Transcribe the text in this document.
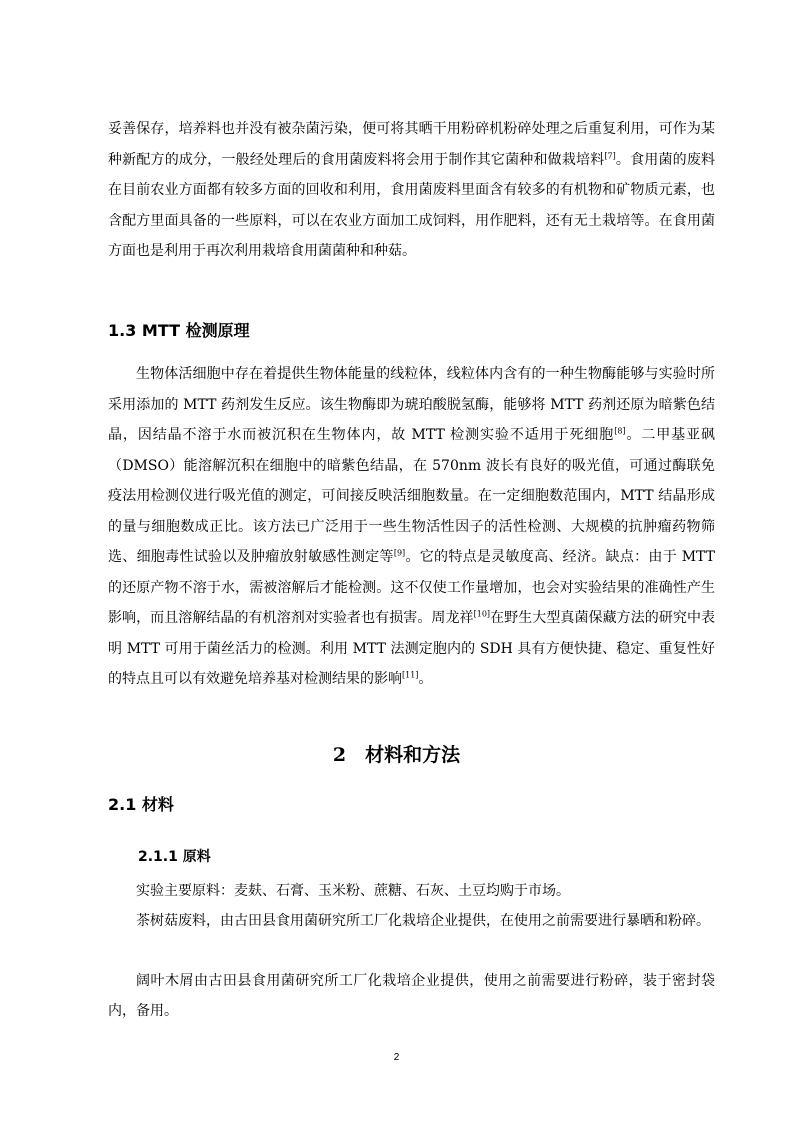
妥善保存，培养料也并没有被杂菌污染，便可将其晒干用粉碎机粉碎处理之后重复利用，可作为某种新配方的成分，一般经处理后的食用菌废料将会用于制作其它菌种和做栽培料[7]。食用菌的废料在目前农业方面都有较多方面的回收和利用，食用菌废料里面含有较多的有机物和矿物质元素，也含配方里面具备的一些原料，可以在农业方面加工成饲料，用作肥料，还有无土栽培等。在食用菌方面也是利用于再次利用栽培食用菌菌种和种菇。

1.3 MTT 检测原理

生物体活细胞中存在着提供生物体能量的线粒体，线粒体内含有的一种生物酶能够与实验时所采用添加的 MTT 药剂发生反应。该生物酶即为琥珀酸脱氢酶，能够将 MTT 药剂还原为暗紫色结晶，因结晶不溶于水而被沉积在生物体内，故 MTT 检测实验不适用于死细胞[8]。二甲基亚砜（DMSO）能溶解沉积在细胞中的暗紫色结晶，在 570nm 波长有良好的吸光值，可通过酶联免疫法用检测仪进行吸光值的测定，可间接反映活细胞数量。在一定细胞数范围内，MTT 结晶形成的量与细胞数成正比。该方法已广泛用于一些生物活性因子的活性检测、大规模的抗肿瘤药物筛选、细胞毒性试验以及肿瘤放射敏感性测定等[9]。它的特点是灵敏度高、经济。缺点：由于 MTT 的还原产物不溶于水，需被溶解后才能检测。这不仅使工作量增加，也会对实验结果的准确性产生影响，而且溶解结晶的有机溶剂对实验者也有损害。周龙祥[10]在野生大型真菌保藏方法的研究中表明 MTT 可用于菌丝活力的检测。利用 MTT 法测定胞内的 SDH 具有方便快捷、稳定、重复性好的特点且可以有效避免培养基对检测结果的影响[11]。

2　材料和方法
2.1 材料
2.1.1 原料

实验主要原料：麦麸、石膏、玉米粉、蔗糖、石灰、土豆均购于市场。

茶树菇废料，由古田县食用菌研究所工厂化栽培企业提供，在使用之前需要进行暴晒和粉碎。

阔叶木屑由古田县食用菌研究所工厂化栽培企业提供，使用之前需要进行粉碎，装于密封袋内，备用。

2
